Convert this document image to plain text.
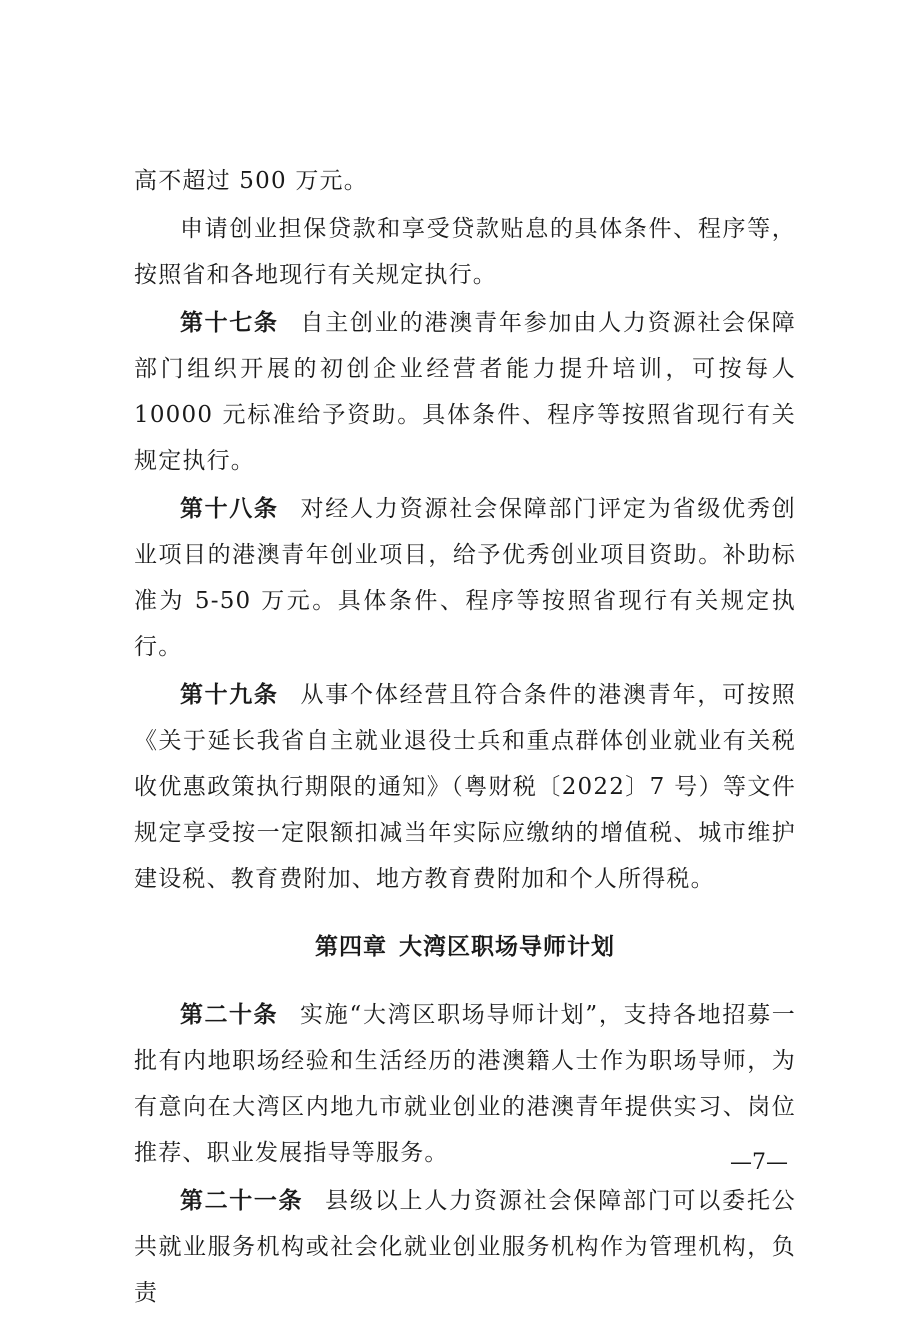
高不超过 500 万元。

申请创业担保贷款和享受贷款贴息的具体条件、程序等，按照省和各地现行有关规定执行。

第十七条 自主创业的港澳青年参加由人力资源社会保障部门组织开展的初创企业经营者能力提升培训，可按每人 10000 元标准给予资助。具体条件、程序等按照省现行有关规定执行。

第十八条 对经人力资源社会保障部门评定为省级优秀创业项目的港澳青年创业项目，给予优秀创业项目资助。补助标准为 5-50 万元。具体条件、程序等按照省现行有关规定执行。

第十九条 从事个体经营且符合条件的港澳青年，可按照《关于延长我省自主就业退役士兵和重点群体创业就业有关税收优惠政策执行期限的通知》（粤财税〔2022〕7 号）等文件规定享受按一定限额扣减当年实际应缴纳的增值税、城市维护建设税、教育费附加、地方教育费附加和个人所得税。

第四章 大湾区职场导师计划

第二十条 实施“大湾区职场导师计划”，支持各地招募一批有内地职场经验和生活经历的港澳籍人士作为职场导师，为有意向在大湾区内地九市就业创业的港澳青年提供实习、岗位推荐、职业发展指导等服务。

第二十一条 县级以上人力资源社会保障部门可以委托公共就业服务机构或社会化就业创业服务机构作为管理机构，负责

—7—
